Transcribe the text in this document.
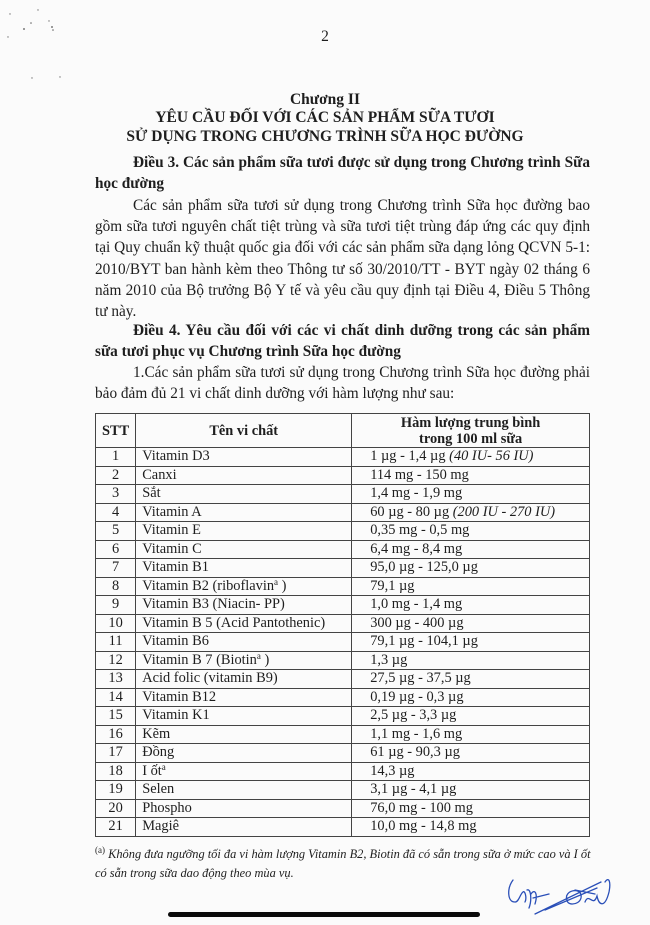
2
Chương II
YÊU CẦU ĐỐI VỚI CÁC SẢN PHẨM SỮA TƯƠI
SỬ DỤNG TRONG CHƯƠNG TRÌNH SỮA HỌC ĐƯỜNG

Điều 3. Các sản phẩm sữa tươi được sử dụng trong Chương trình Sữa học đường

Các sản phẩm sữa tươi sử dụng trong Chương trình Sữa học đường bao gồm sữa tươi nguyên chất tiệt trùng và sữa tươi tiệt trùng đáp ứng các quy định tại Quy chuẩn kỹ thuật quốc gia đối với các sản phẩm sữa dạng lỏng QCVN 5-1: 2010/BYT ban hành kèm theo Thông tư số 30/2010/TT - BYT ngày 02 tháng 6 năm 2010 của Bộ trưởng Bộ Y tế và yêu cầu quy định tại Điều 4, Điều 5 Thông tư này.

Điều 4. Yêu cầu đối với các vi chất dinh dưỡng trong các sản phẩm sữa tươi phục vụ Chương trình Sữa học đường

1.Các sản phẩm sữa tươi sử dụng trong Chương trình Sữa học đường phải bảo đảm đủ 21 vi chất dinh dưỡng với hàm lượng như sau:

STT	Tên vi chất	Hàm lượng trung bình
trong 100 ml sữa

1	Vitamin D3	1 µg - 1,4 µg (40 IU- 56 IU)
2	Canxi	114 mg - 150 mg
3	Sắt	1,4 mg - 1,9 mg
4	Vitamin A	60 µg - 80 µg (200 IU - 270 IU)
5	Vitamin E	0,35 mg - 0,5 mg
6	Vitamin C	6,4 mg - 8,4 mg
7	Vitamin B1	95,0 µg - 125,0 µg
8	Vitamin B2 (riboflavin$^a$ )	79,1 µg
9	Vitamin B3 (Niacin- PP)	1,0 mg - 1,4 mg
10	Vitamin B 5 (Acid Pantothenic)	300 µg - 400 µg
11	Vitamin B6	79,1 µg - 104,1 µg
12	Vitamin B 7 (Biotin$^a$ )	1,3 µg
13	Acid folic (vitamin B9)	27,5 µg - 37,5 µg
14	Vitamin B12	0,19 µg - 0,3 µg
15	Vitamin K1	2,5 µg - 3,3 µg
16	Kẽm	1,1 mg - 1,6 mg
17	Đồng	61 µg - 90,3 µg
18	I ốt$^a$	14,3 µg
19	Selen	3,1 µg - 4,1 µg
20	Phospho	76,0 mg - 100 mg
21	Magiê	10,0 mg - 14,8 mg
$^{(a)}$ Không đưa ngưỡng tối đa vi hàm lượng Vitamin B2, Biotin đã có sẵn trong sữa ở mức cao và I ốt
có sẵn trong sữa dao động theo mùa vụ.
